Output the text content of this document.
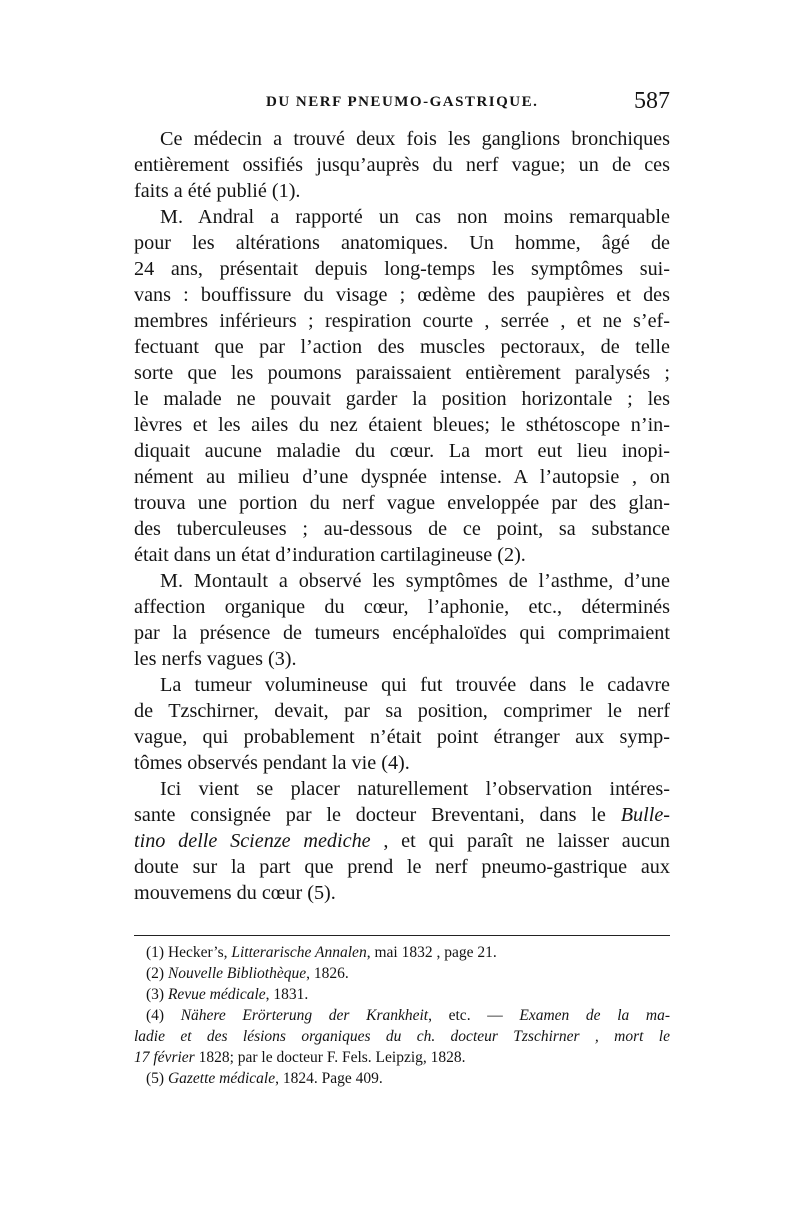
DU NERF PNEUMO-GASTRIQUE.	587
Ce médecin a trouvé deux fois les ganglions bronchiques
entièrement ossifiés jusqu’auprès du nerf vague; un de ces
faits a été publié (1).
M. Andral a rapporté un cas non moins remarquable
pour les altérations anatomiques. Un homme, âgé de
24 ans, présentait depuis long-temps les symptômes sui-
vans : bouffissure du visage ; œdème des paupières et des
membres inférieurs ; respiration courte , serrée , et ne s’ef-
fectuant que par l’action des muscles pectoraux, de telle
sorte que les poumons paraissaient entièrement paralysés ;
le malade ne pouvait garder la position horizontale ; les
lèvres et les ailes du nez étaient bleues; le sthétoscope n’in-
diquait aucune maladie du cœur. La mort eut lieu inopi-
nément au milieu d’une dyspnée intense. A l’autopsie , on
trouva une portion du nerf vague enveloppée par des glan-
des tuberculeuses ; au-dessous de ce point, sa substance
était dans un état d’induration cartilagineuse (2).
M. Montault a observé les symptômes de l’asthme, d’une
affection organique du cœur, l’aphonie, etc., déterminés
par la présence de tumeurs encéphaloïdes qui comprimaient
les nerfs vagues (3).
La tumeur volumineuse qui fut trouvée dans le cadavre
de Tzschirner, devait, par sa position, comprimer le nerf
vague, qui probablement n’était point étranger aux symp-
tômes observés pendant la vie (4).
Ici vient se placer naturellement l’observation intéres-
sante consignée par le docteur Breventani, dans le Bulle-
tino delle Scienze mediche , et qui paraît ne laisser aucun
doute sur la part que prend le nerf pneumo-gastrique aux
mouvemens du cœur (5).
(1) Hecker’s, Litterarische Annalen, mai 1832 , page 21.
(2) Nouvelle Bibliothèque, 1826.
(3) Revue médicale, 1831.
(4) Nähere Erörterung der Krankheit, etc. — Examen de la ma-
ladie et des lésions organiques du ch. docteur Tzschirner , mort le
17 février 1828; par le docteur F. Fels. Leipzig, 1828.
(5) Gazette médicale, 1824. Page 409.
